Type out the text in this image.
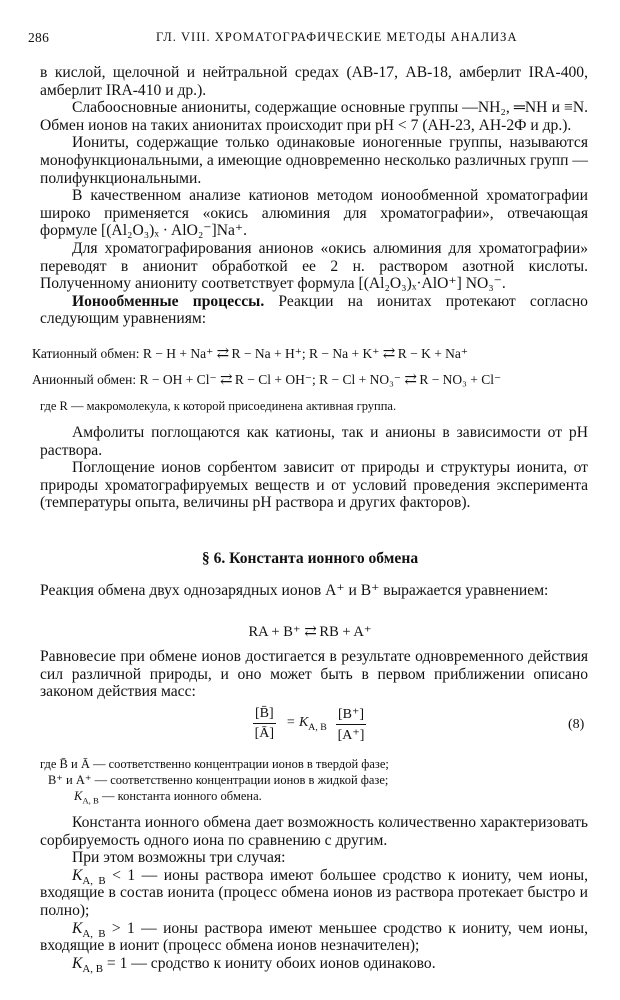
286	ГЛ. VIII. ХРОМАТОГРАФИЧЕСКИЕ МЕТОДЫ АНАЛИЗА

в кислой, щелочной и нейтральной средах (АВ-17, АВ-18, амберлит IRA-400, амберлит IRA-410 и др.).

Слабоосновные аниониты, содержащие основные группы —NH₂, ═NH и ≡N. Обмен ионов на таких анионитах происходит при pH < 7 (АН-23, АН-2Ф и др.).

Иониты, содержащие только одинаковые ионогенные группы, называются монофункциональными, а имеющие одновременно несколько различных групп — полифункциональными.

В качественном анализе катионов методом ионообменной хроматографии широко применяется «окись алюминия для хроматографии», отвечающая формуле [(Al₂O₃)ₓ · AlO₂⁻]Na⁺.

Для хроматографирования анионов «окись алюминия для хроматографии» переводят в анионит обработкой ее 2 н. раствором азотной кислоты. Полученному аниониту соответствует формула [(Al₂O₃)ₓ·AlO⁺] NO₃⁻.

Ионообменные процессы. Реакции на ионитах протекают согласно следующим уравнениям:

Катионный обмен: R − H + Na⁺ ⇄ R − Na + H⁺; R − Na + K⁺ ⇄ R − K + Na⁺
Анионный обмен: R − OH + Cl⁻ ⇄ R − Cl + OH⁻; R − Cl + NO₃⁻ ⇄ R − NO₃ + Cl⁻
где R — макромолекула, к которой присоединена активная группа.

Амфолиты поглощаются как катионы, так и анионы в зависимости от pH раствора.

Поглощение ионов сорбентом зависит от природы и структуры ионита, от природы хроматографируемых веществ и от условий проведения эксперимента (температуры опыта, величины pH раствора и других факторов).

§ 6. Константа ионного обмена
Реакция обмена двух однозарядных ионов A⁺ и B⁺ выражается уравнением:
RA + B⁺ ⇄ RB + A⁺
Равновесие при обмене ионов достигается в результате одновременного действия сил различной природы, и оно может быть в первом приближении описано законом действия масс:
$\frac{[B̄]}{[Ā]} = K_{A, B} \frac{[B^+]}{[A^+]}$	(8)
где B̄ и Ā — соответственно концентрации ионов в твердой фазе;
B⁺ и A⁺ — соответственно концентрации ионов в жидкой фазе;
$K_{A, B}$ — константа ионного обмена.

Константа ионного обмена дает возможность количественно характеризовать сорбируемость одного иона по сравнению с другим.

При этом возможны три случая:

$K_{A, B} < 1$ — ионы раствора имеют большее сродство к иониту, чем ионы, входящие в состав ионита (процесс обмена ионов из раствора протекает быстро и полно);

$K_{A, B} > 1$ — ионы раствора имеют меньшее сродство к иониту, чем ионы, входящие в ионит (процесс обмена ионов незначителен);

$K_{A, B} = 1$ — сродство к иониту обоих ионов одинаково.
